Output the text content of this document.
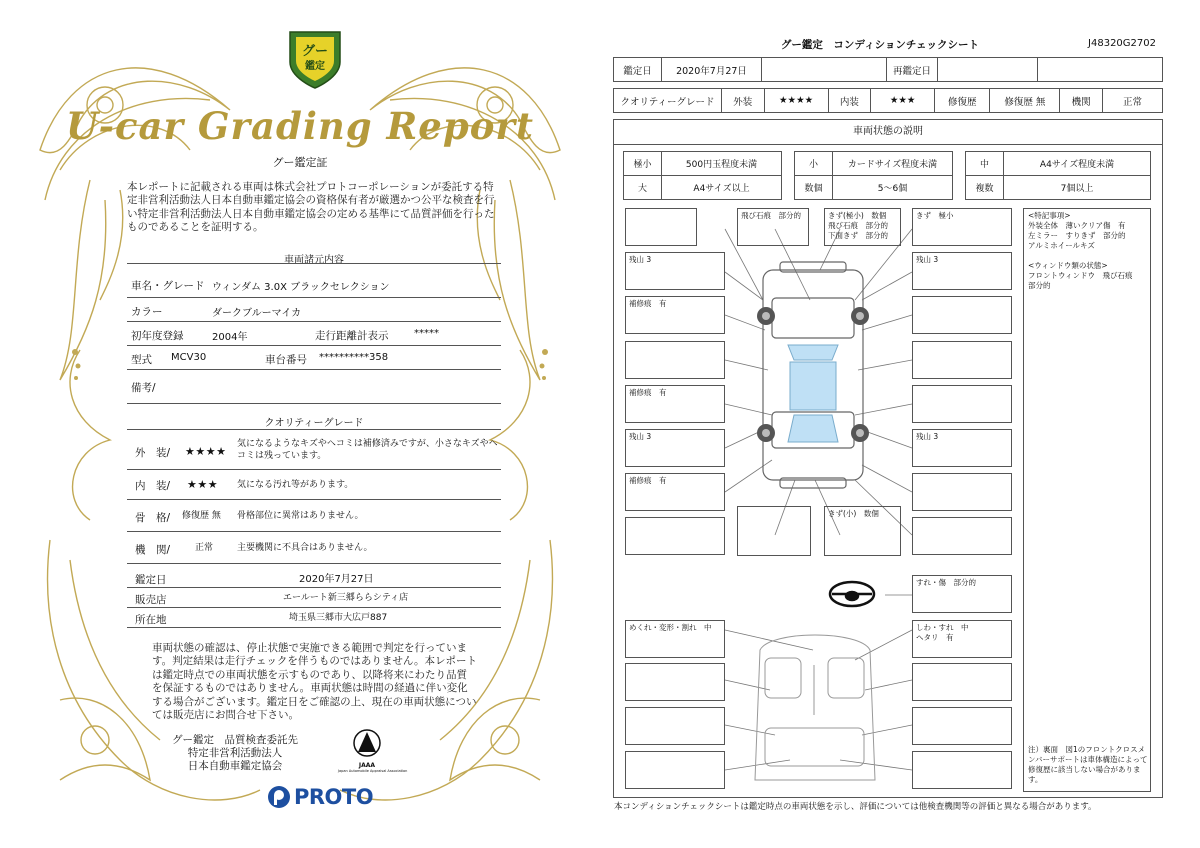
グー
鑑定
U-car Grading Report
グー鑑定証
本レポートに記載される車両は株式会社プロトコーポレーションが委託する特定非営利活動法人日本自動車鑑定協会の資格保有者が厳選かつ公平な検査を行い特定非営利活動法人日本自動車鑑定協会の定める基準にて品質評価を行ったものであることを証明する。
車両諸元内容
車名・グレード ウィンダム 3.0X ブラックセレクション
カラー	ダークブルーマイカ
初年度登録	2004年	走行距離計表示	*****
型式 MCV30	車台番号 **********358
備考/
クオリティーグレード
外　装/ ★★★★
気になるようなキズやヘコミは補修済みですが、小さなキズやヘコミは残っています。
内　装/ ★★★ 気になる汚れ等があります。
骨　格/ 修復歴 無 骨格部位に異常はありません。
機　関/	正常	主要機関に不具合はありません。
鑑定日	2020年7月27日
販売店	エールート新三郷ららシティ店
所在地	埼玉県三郷市大広戸887
車両状態の確認は、停止状態で実施できる範囲で判定を行っています。判定結果は走行チェックを伴うものではありません。本レポートは鑑定時点での車両状態を示すものであり、以降将来にわたり品質を保証するものではありません。車両状態は時間の経過に伴い変化する場合がございます。鑑定日をご確認の上、現在の車両状態については販売店にお問合せ下さい。
グー鑑定　品質検査委託先
特定非営利活動法人
日本自動車鑑定協会	JAAA
Japan Automobile Appraisal Association
PROTO
グー鑑定　コンディションチェックシート	J48320G2702
鑑定日	2020年7月27日		再鑑定日		
クオリティーグレード	外装	★★★★	内装	★★★	修復歴	修復歴 無	機関	正常
車両状態の説明
極小	500円玉程度未満		小	カードサイズ程度未満		中	A4サイズ程度未満
大	A4サイズ以上		数個	5～6個		複数	7個以上
飛び石痕　部分的	きず(極小)　数個
飛び石痕　部分的
下面きず　部分的
きず　極小
残山 3
補修痕　有
補修痕　有
残山 3
補修痕　有
残山 3
残山 3
きず(小)　数個
すれ・傷　部分的
めくれ・変形・割れ　中	しわ・すれ　中
へタリ　有
<特記事項>
外装全体　薄いクリア傷　有
左ミラー　すりきず　部分的
アルミホイールキズ

<ウィンドウ類の状態>
フロントウィンドウ　飛び石痕
部分的
注）裏面　図1のフロントクロスメンバーサポートは車体構造によって修復歴に該当しない場合があります。
本コンディションチェックシートは鑑定時点の車両状態を示し、評価については他検査機関等の評価と異なる場合があります。
